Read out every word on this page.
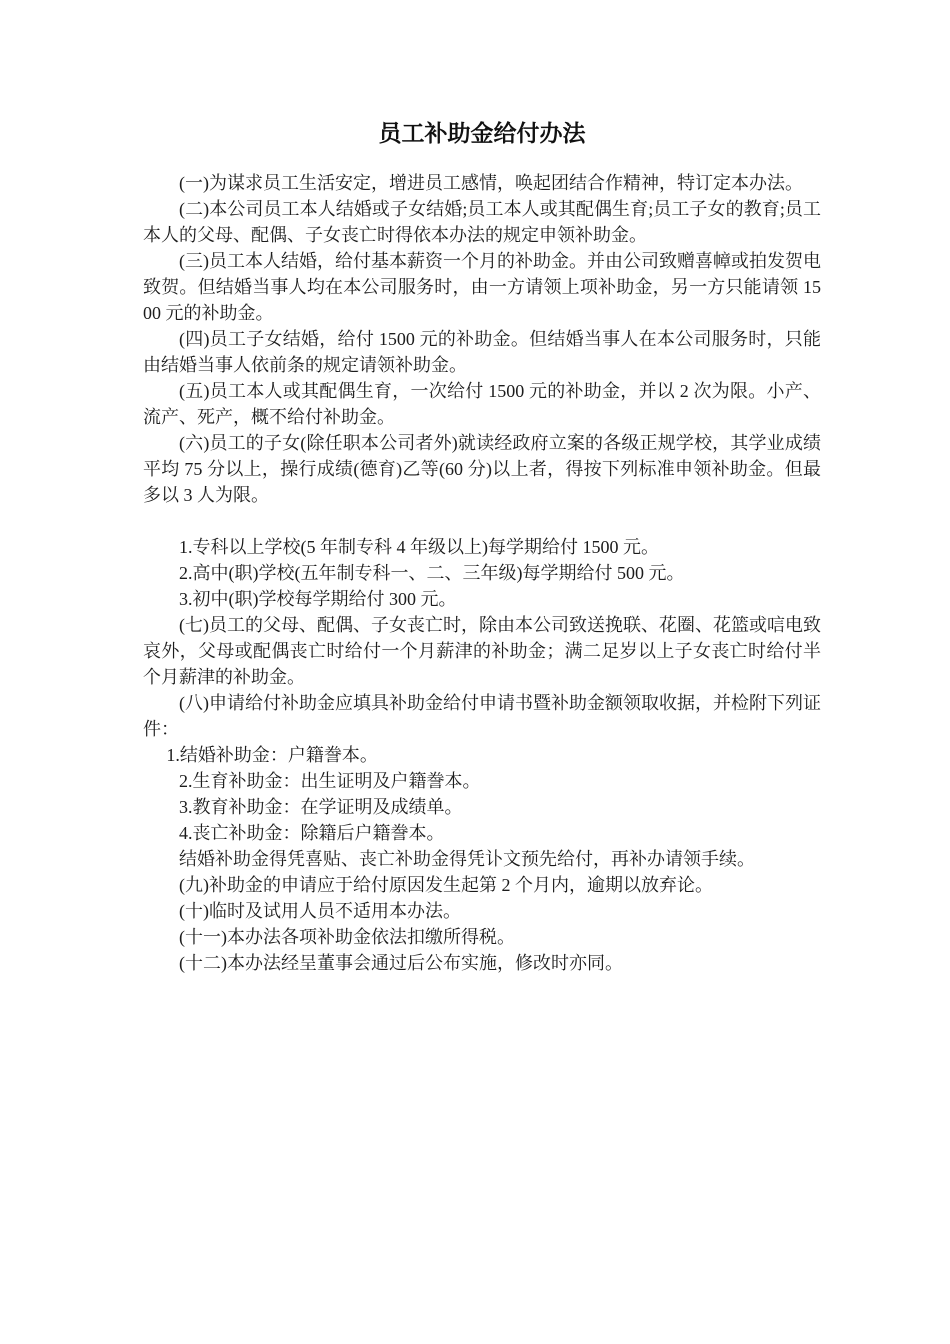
员工补助金给付办法

(一)为谋求员工生活安定，增进员工感情，唤起团结合作精神，特订定本办法。

(二)本公司员工本人结婚或子女结婚;员工本人或其配偶生育;员工子女的教育;员工本人的父母、配偶、子女丧亡时得依本办法的规定申领补助金。

(三)员工本人结婚，给付基本薪资一个月的补助金。并由公司致赠喜幛或拍发贺电致贺。但结婚当事人均在本公司服务时，由一方请领上项补助金，另一方只能请领 1500 元的补助金。

(四)员工子女结婚，给付 1500 元的补助金。但结婚当事人在本公司服务时，只能由结婚当事人依前条的规定请领补助金。

(五)员工本人或其配偶生育，一次给付 1500 元的补助金，并以 2 次为限。小产、流产、死产，概不给付补助金。

(六)员工的子女(除任职本公司者外)就读经政府立案的各级正规学校，其学业成绩平均 75 分以上，操行成绩(德育)乙等(60 分)以上者，得按下列标准申领补助金。但最多以 3 人为限。

1.专科以上学校(5 年制专科 4 年级以上)每学期给付 1500 元。

2.高中(职)学校(五年制专科一、二、三年级)每学期给付 500 元。

3.初中(职)学校每学期给付 300 元。

(七)员工的父母、配偶、子女丧亡时，除由本公司致送挽联、花圈、花篮或唁电致哀外，父母或配偶丧亡时给付一个月薪津的补助金；满二足岁以上子女丧亡时给付半个月薪津的补助金。

(八)申请给付补助金应填具补助金给付申请书暨补助金额领取收据，并检附下列证件：

1.结婚补助金：户籍誊本。

2.生育补助金：出生证明及户籍誊本。

3.教育补助金：在学证明及成绩单。

4.丧亡补助金：除籍后户籍誊本。

结婚补助金得凭喜贴、丧亡补助金得凭讣文预先给付，再补办请领手续。

(九)补助金的申请应于给付原因发生起第 2 个月内，逾期以放弃论。

(十)临时及试用人员不适用本办法。

(十一)本办法各项补助金依法扣缴所得税。

(十二)本办法经呈董事会通过后公布实施，修改时亦同。
